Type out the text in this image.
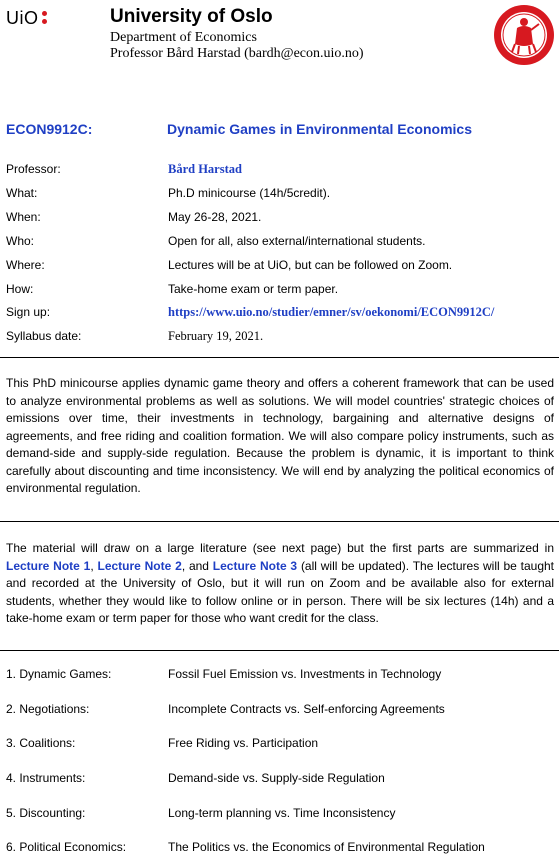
UiO	University of Oslo
Department of Economics
Professor Bård Harstad (bardh@econ.uio.no)
ECON9912C:	Dynamic Games in Environmental Economics
Professor:	Bård Harstad
What:	Ph.D minicourse (14h/5credit).
When:	May 26-28, 2021.
Who:	Open for all, also external/international students.
Where:	Lectures will be at UiO, but can be followed on Zoom.
How:	Take-home exam or term paper.
Sign up:	https://www.uio.no/studier/emner/sv/oekonomi/ECON9912C/
Syllabus date:	February 19, 2021.
This PhD minicourse applies dynamic game theory and offers a coherent framework that can be used to analyze environmental problems as well as solutions. We will model countries' strategic choices of emissions over time, their investments in technology, bargaining and alternative designs of agreements, and free riding and coalition formation. We will also compare policy instruments, such as demand-side and supply-side regulation. Because the problem is dynamic, it is important to think carefully about discounting and time inconsistency. We will end by analyzing the political economics of environmental regulation.
The material will draw on a large literature (see next page) but the first parts are summarized in Lecture Note 1, Lecture Note 2, and Lecture Note 3 (all will be updated). The lectures will be taught and recorded at the University of Oslo, but it will run on Zoom and be available also for external students, whether they would like to follow online or in person. There will be six lectures (14h) and a take-home exam or term paper for those who want credit for the class.
1. Dynamic Games:	Fossil Fuel Emission vs. Investments in Technology
2. Negotiations:	Incomplete Contracts vs. Self-enforcing Agreements
3. Coalitions:	Free Riding vs. Participation
4. Instruments:	Demand-side vs. Supply-side Regulation
5. Discounting:	Long-term planning vs. Time Inconsistency
6. Political Economics:	The Politics vs. the Economics of Environmental Regulation
